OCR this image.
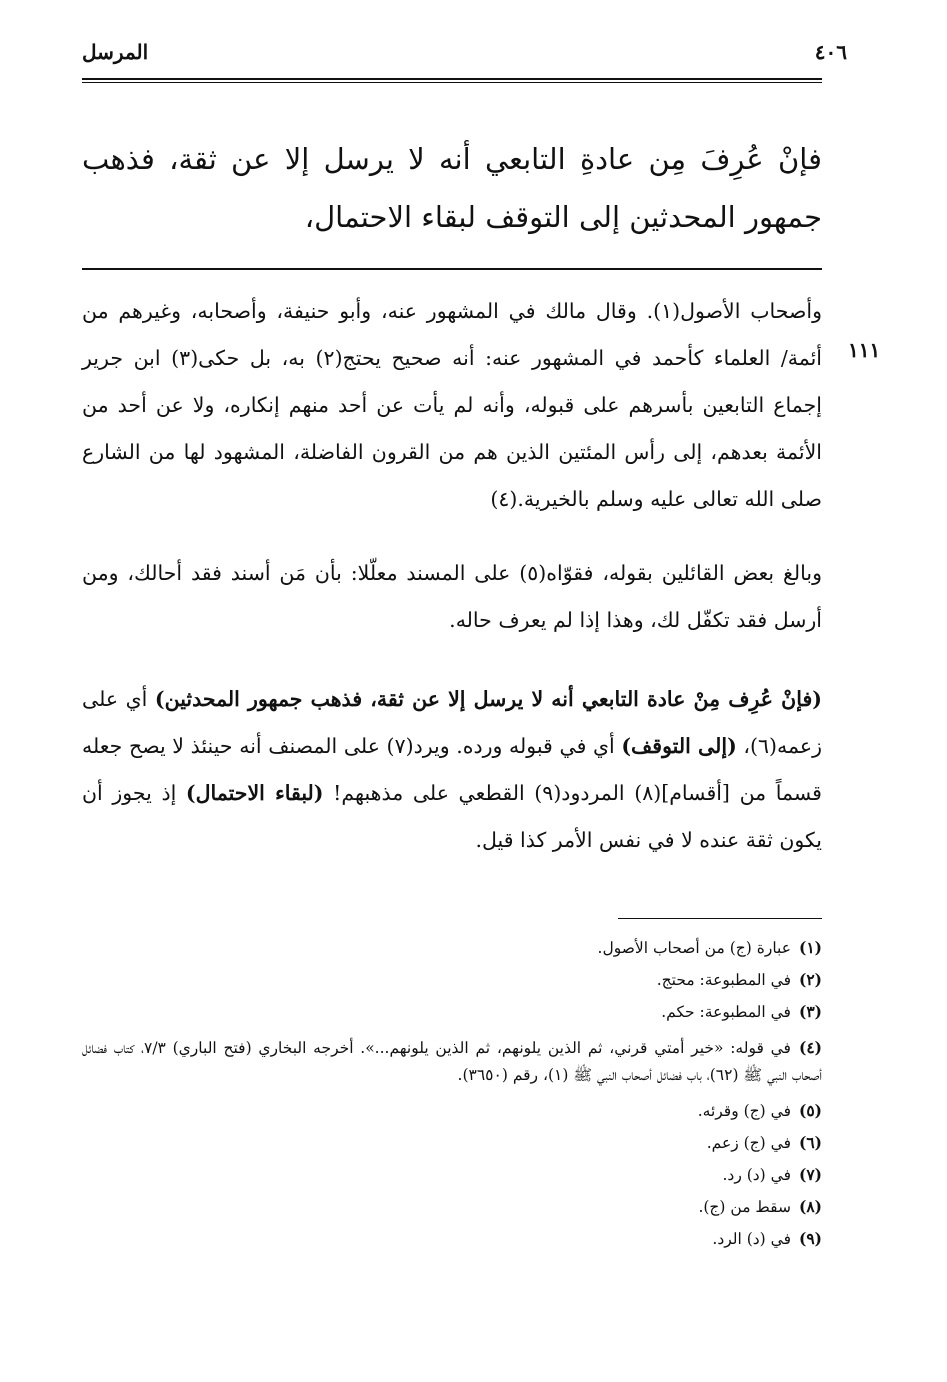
المرسل	٤٠٦
فإنْ عُرِفَ مِن عادةِ التابعي أنه لا يرسل إلا عن ثقة، فذهب جمهور المحدثين إلى التوقف لبقاء الاحتمال،
١١١
وأصحاب الأصول(١). وقال مالك في المشهور عنه، وأبو حنيفة، وأصحابه، وغيرهم من أئمة/ العلماء كأحمد في المشهور عنه: أنه صحيح يحتج(٢) به، بل حكى(٣) ابن جرير إجماع التابعين بأسرهم على قبوله، وأنه لم يأت عن أحد منهم إنكاره، ولا عن أحد من الأئمة بعدهم، إلى رأس المئتين الذين هم من القرون الفاضلة، المشهود لها من الشارع صلى الله تعالى عليه وسلم بالخيرية.(٤)
وبالغ بعض القائلين بقوله، فقوّاه(٥) على المسند معلّلا: بأن مَن أسند فقد أحالك، ومن أرسل فقد تكفّل لك، وهذا إذا لم يعرف حاله.
(فإنْ عُرِف مِنْ عادة التابعي أنه لا يرسل إلا عن ثقة، فذهب جمهور المحدثين) أي على زعمه(٦)، (إلى التوقف) أي في قبوله ورده. ويرد(٧) على المصنف أنه حينئذ لا يصح جعله قسماً من [أقسام](٨) المردود(٩) القطعي على مذهبهم! (لبقاء الاحتمال) إذ يجوز أن يكون ثقة عنده لا في نفس الأمر كذا قيل.
(١)عبارة (ج) من أصحاب الأصول.
(٢)في المطبوعة: محتج.
(٣)في المطبوعة: حكم.
(٤)في قوله: «خير أمتي قرني، ثم الذين يلونهم، ثم الذين يلونهم...». أخرجه البخاري (فتح الباري) ٧/٣، كتاب فضائل أصحاب النبي ﷺ (٦٢)، باب فضائل أصحاب النبي ﷺ (١)، رقم (٣٦٥٠).
(٥)في (ج) وقرئه.
(٦)في (ج) زعم.
(٧)في (د) رد.
(٨)سقط من (ج).
(٩)في (د) الرد.
